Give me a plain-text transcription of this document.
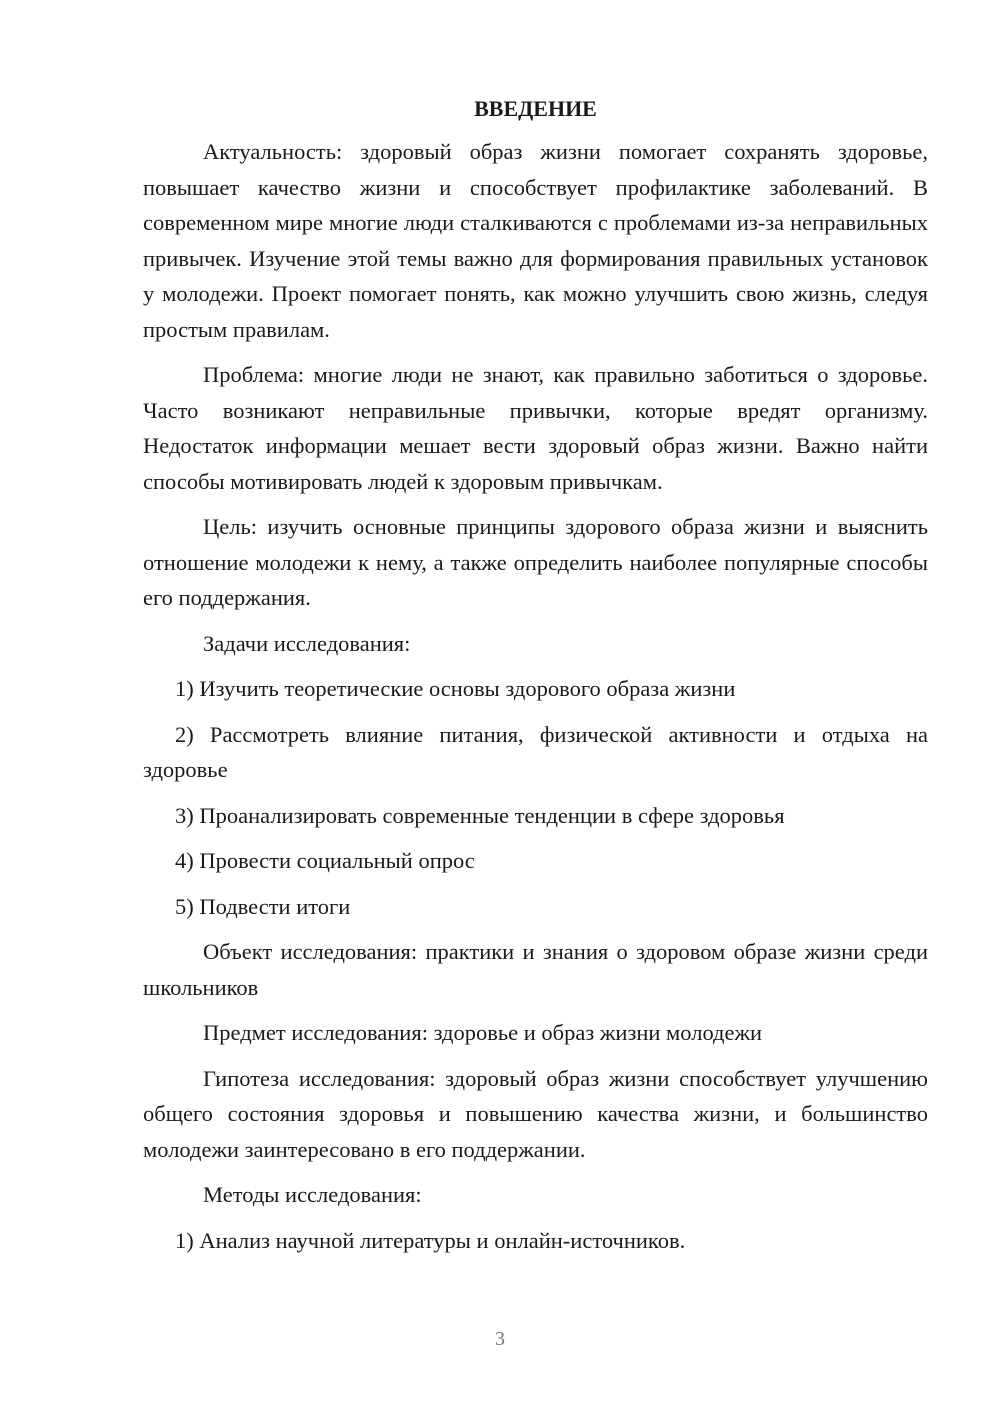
ВВЕДЕНИЕ

Актуальность: здоровый образ жизни помогает сохранять здоровье, повышает качество жизни и способствует профилактике заболеваний. В современном мире многие люди сталкиваются с проблемами из-за неправильных привычек. Изучение этой темы важно для формирования правильных установок у молодежи. Проект помогает понять, как можно улучшить свою жизнь, следуя простым правилам.

Проблема: многие люди не знают, как правильно заботиться о здоровье. Часто возникают неправильные привычки, которые вредят организму. Недостаток информации мешает вести здоровый образ жизни. Важно найти способы мотивировать людей к здоровым привычкам.

Цель: изучить основные принципы здорового образа жизни и выяснить отношение молодежи к нему, а также определить наиболее популярные способы его поддержания.

Задачи исследования:

1) Изучить теоретические основы здорового образа жизни

2) Рассмотреть влияние питания, физической активности и отдыха на здоровье

3) Проанализировать современные тенденции в сфере здоровья

4) Провести социальный опрос

5) Подвести итоги

Объект исследования: практики и знания о здоровом образе жизни среди школьников

Предмет исследования: здоровье и образ жизни молодежи

Гипотеза исследования: здоровый образ жизни способствует улучшению общего состояния здоровья и повышению качества жизни, и большинство молодежи заинтересовано в его поддержании.

Методы исследования:

1) Анализ научной литературы и онлайн-источников.

3
